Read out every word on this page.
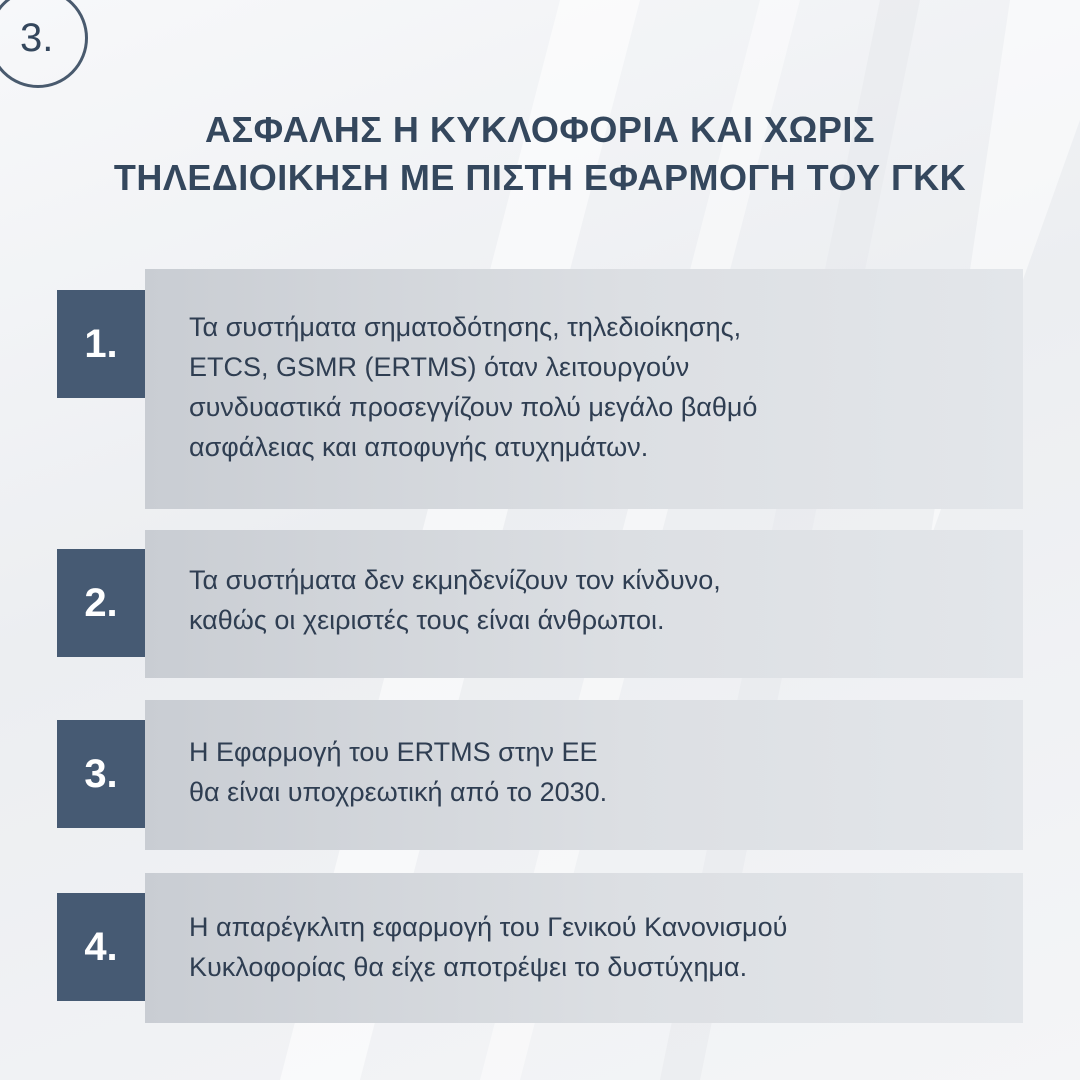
3.
ΑΣΦΑΛΗΣ Η ΚΥΚΛΟΦΟΡΙΑ ΚΑΙ ΧΩΡΙΣ
ΤΗΛΕΔΙΟΙΚΗΣΗ ΜΕ ΠΙΣΤΗ ΕΦΑΡΜΟΓΗ ΤΟΥ ΓΚΚ
Τα συστήματα σηματοδότησης, τηλεδιοίκησης,
ETCS, GSMR (ERTMS) όταν λειτουργούν
συνδυαστικά προσεγγίζουν πολύ μεγάλο βαθμό
ασφάλειας και αποφυγής ατυχημάτων.
1.
Τα συστήματα δεν εκμηδενίζουν τον κίνδυνο,
καθώς οι χειριστές τους είναι άνθρωποι.
2.
Η Εφαρμογή του ERTMS στην ΕΕ
θα είναι υποχρεωτική από το 2030.
3.
Η απαρέγκλιτη εφαρμογή του Γενικού Κανονισμού
Κυκλοφορίας θα είχε αποτρέψει το δυστύχημα.
4.
